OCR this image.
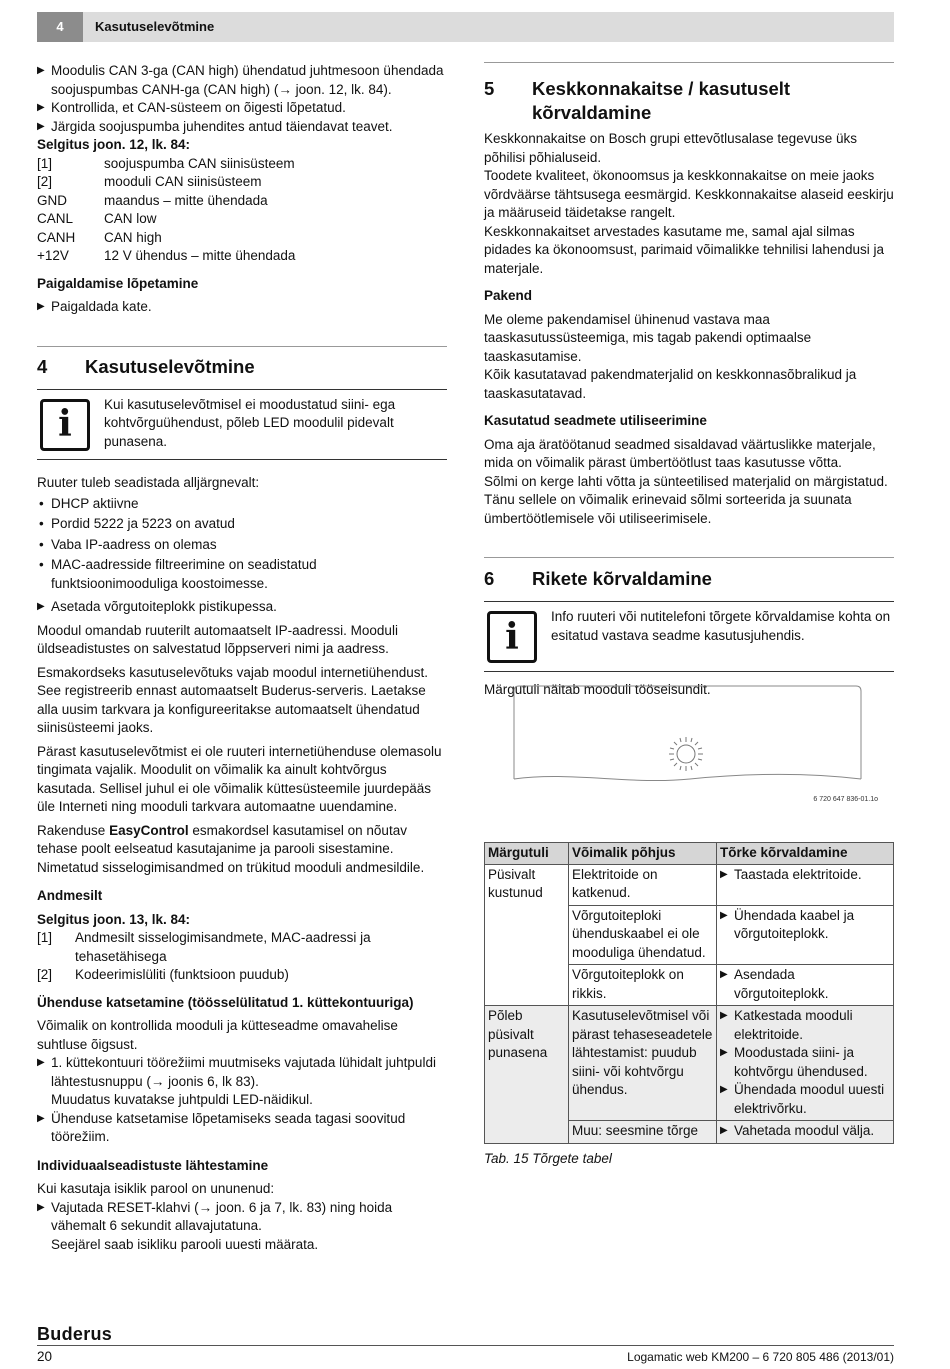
4	Kasutuselevõtmine
▶ Moodulis CAN 3-ga (CAN high) ühendatud juhtmesoon ühendada soojuspumbas CANH-ga (CAN high) (→ joon. 12, lk. 84).
▶ Kontrollida, et CAN-süsteem on õigesti lõpetatud.
▶ Järgida soojuspumba juhendites antud täiendavat teavet.

Selgitus joon. 12, lk. 84:

[1]	soojuspumba CAN siinisüsteem
[2]	mooduli CAN siinisüsteem
GND	maandus – mitte ühendada
CANL	CAN low
CANH	CAN high
+12V	12 V ühendus – mitte ühendada

Paigaldamise lõpetamine

▶ Paigaldada kate.
4	Kasutuselevõtmine
i	Kui kasutuselevõtmisel ei moodustatud siini- ega kohtvõrguühendust, põleb LED moodulil pidevalt punasena.

Ruuter tuleb seadistada alljärgnevalt:

• DHCP aktiivne
• Pordid 5222 ja 5223 on avatud
• Vaba IP-aadress on olemas
• MAC-aadresside filtreerimine on seadistatud funktsioonimooduliga koostoimesse.
▶ Asetada võrgutoiteplokk pistikupessa.

Moodul omandab ruuterilt automaatselt IP-aadressi. Mooduli üldseadistustes on salvestatud lõppserveri nimi ja aadress.

Esmakordseks kasutuselevõtuks vajab moodul internetiühendust. See registreerib ennast automaatselt Buderus-serveris. Laetakse alla uusim tarkvara ja konfigureeritakse automaatselt ühendatud siinisüsteemi jaoks.

Pärast kasutuselevõtmist ei ole ruuteri internetiühenduse olemasolu tingimata vajalik. Moodulit on võimalik ka ainult kohtvõrgus kasutada. Sellisel juhul ei ole võimalik küttesüsteemile juurdepääs üle Interneti ning mooduli tarkvara automaatne uuendamine.

Rakenduse EasyControl esmakordsel kasutamisel on nõutav tehase poolt eelseatud kasutajanime ja parooli sisestamine. Nimetatud sisselogimisandmed on trükitud mooduli andmesildile.

Andmesilt

Selgitus joon. 13, lk. 84:

[1]	Andmesilt sisselogimisandmete, MAC-aadressi ja tehasetähisega
[2]	Kodeerimislüliti (funktsioon puudub)

Ühenduse katsetamine (töösselülitatud 1. küttekontuuriga)

Võimalik on kontrollida mooduli ja kütteseadme omavahelise suhtluse õigsust.

▶ 1. küttekontuuri töörežiimi muutmiseks vajutada lühidalt juhtpuldi lähtestusnuppu (→ joonis 6, lk 83).
Muudatus kuvatakse juhtpuldi LED-näidikul.
▶ Ühenduse katsetamise lõpetamiseks seada tagasi soovitud töörežiim.

Individuaalseadistuste lähtestamine

Kui kasutaja isiklik parool on ununenud:

▶ Vajutada RESET-klahvi (→ joon. 6 ja 7, lk. 83) ning hoida vähemalt 6 sekundit allavajutatuna.
Seejärel saab isikliku parooli uuesti määrata.
5	Keskkonnakaitse / kasutuselt kõrvaldamine

Keskkonnakaitse on Bosch grupi ettevõtlusalase tegevuse üks põhilisi põhialuseid.

Toodete kvaliteet, ökonoomsus ja keskkonnakaitse on meie jaoks võrdväärse tähtsusega eesmärgid. Keskkonnakaitse alaseid eeskirju ja määruseid täidetakse rangelt.

Keskkonnakaitset arvestades kasutame me, samal ajal silmas pidades ka ökonoomsust, parimaid võimalikke tehnilisi lahendusi ja materjale.

Pakend

Me oleme pakendamisel ühinenud vastava maa taaskasutussüsteemiga, mis tagab pakendi optimaalse taaskasutamise.

Kõik kasutatavad pakendmaterjalid on keskkonnasõbralikud ja taaskasutatavad.

Kasutatud seadmete utiliseerimine

Oma aja äratöötanud seadmed sisaldavad väärtuslikke materjale, mida on võimalik pärast ümbertöötlust taas kasutusse võtta.

Sõlmi on kerge lahti võtta ja sünteetilised materjalid on märgistatud.

Tänu sellele on võimalik erinevaid sõlmi sorteerida ja suunata ümbertöötlemisele või utiliseerimisele.

6	Rikete kõrvaldamine
i	Info ruuteri või nutitelefoni tõrgete kõrvaldamise kohta on esitatud vastava seadme kasutusjuhendis.

Märgutuli näitab mooduli tööseisundit.

6 720 647 836-01.1o
Märgutuli	Võimalik põhjus	Tõrke kõrvaldamine
Püsivalt kustunud	Elektritoide on katkenud.	▶ Taastada elektritoide.

	Võrgutoiteploki ühenduskaabel ei ole mooduliga ühendatud.	▶ Ühendada kaabel ja võrgutoiteplokk.

	Võrgutoiteplokk on rikkis.	▶ Asendada võrgutoiteplokk.

Põleb püsivalt punasena	Kasutuselevõtmisel või pärast tehaseseadetele lähtestamist: puudub siini- või kohtvõrgu ühendus.	▶ Katkestada mooduli elektritoide.
▶ Moodustada siini- ja kohtvõrgu ühendused.
▶ Ühendada moodul uuesti elektrivõrku.

	Muu: seesmine tõrge	▶ Vahetada moodul välja.
Tab. 15 Tõrgete tabel
Buderus
20	Logamatic web KM200 – 6 720 805 486 (2013/01)
